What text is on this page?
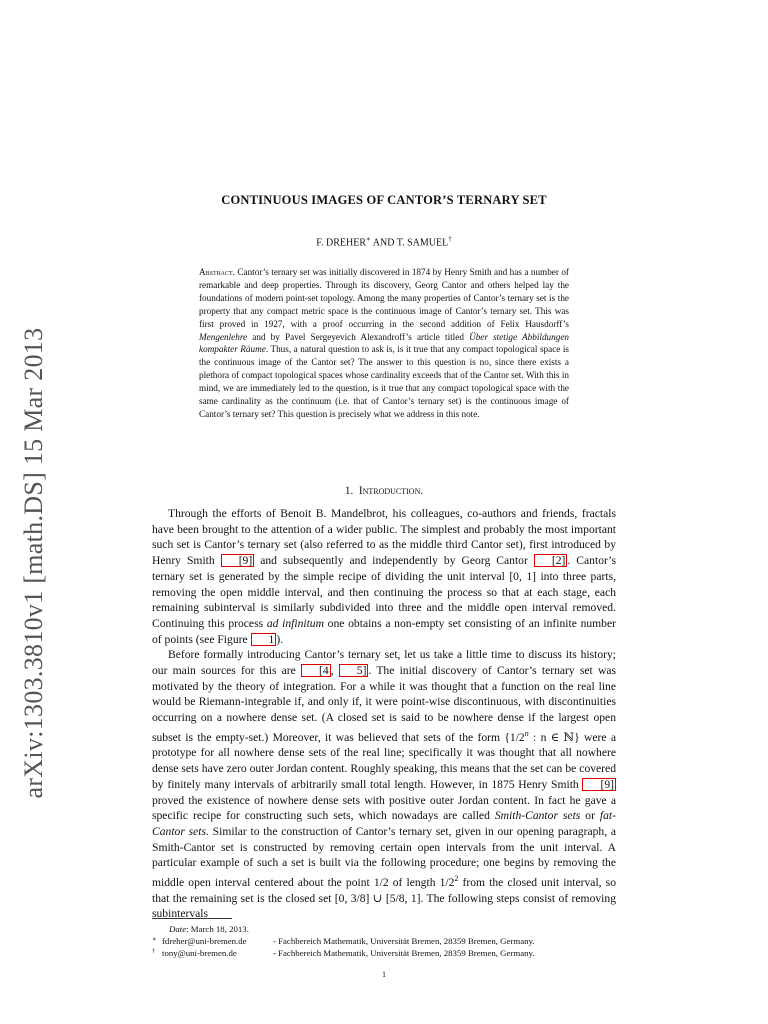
arXiv:1303.3810v1 [math.DS] 15 Mar 2013
CONTINUOUS IMAGES OF CANTOR’S TERNARY SET
F. DREHER∗ AND T. SAMUEL†

Abstract. Cantor’s ternary set was initially discovered in 1874 by Henry Smith and has a number of remarkable and deep properties. Through its discovery, Georg Cantor and others helped lay the foundations of modern point-set topology. Among the many properties of Cantor’s ternary set is the property that any compact metric space is the continuous image of Cantor’s ternary set. This was first proved in 1927, with a proof occurring in the second addition of Felix Hausdorff’s Mengenlehre and by Pavel Sergeyevich Alexandroff’s article titled Über stetige Abbildungen kompakter Räume. Thus, a natural question to ask is, is it true that any compact topological space is the continuous image of the Cantor set? The answer to this question is no, since there exists a plethora of compact topological spaces whose cardinality exceeds that of the Cantor set. With this in mind, we are immediately led to the question, is it true that any compact topological space with the same cardinality as the continuum (i.e. that of Cantor’s ternary set) is the continuous image of Cantor’s ternary set? This question is precisely what we address in this note.

1. Introduction.

Through the efforts of Benoit B. Mandelbrot, his colleagues, co-authors and friends, fractals have been brought to the attention of a wider public. The simplest and probably the most important such set is Cantor’s ternary set (also referred to as the middle third Cantor set), first introduced by Henry Smith [9] and subsequently and independently by Georg Cantor [2] . Cantor’s ternary set is generated by the simple recipe of dividing the unit interval [0, 1] into three parts, removing the open middle interval, and then continuing the process so that at each stage, each remaining subinterval is similarly subdivided into three and the middle open interval removed. Continuing this process ad infinitum one obtains a non-empty set consisting of an infinite number of points (see Figure 1 ).

Before formally introducing Cantor’s ternary set, let us take a little time to discuss its history; our main sources for this are [4 , 5] . The initial discovery of Cantor’s ternary set was motivated by the theory of integration. For a while it was thought that a function on the real line would be Riemann-integrable if, and only if, it were point-wise discontinuous, with discontinuities occurring on a nowhere dense set. (A closed set is said to be nowhere dense if the largest open subset is the empty-set.) Moreover, it was believed that sets of the form {1/2$^n$ : n ∈ ℕ} were a prototype for all nowhere dense sets of the real line; specifically it was thought that all nowhere dense sets have zero outer Jordan content. Roughly speaking, this means that the set can be covered by finitely many intervals of arbitrarily small total length. However, in 1875 Henry Smith [9] proved the existence of nowhere dense sets with positive outer Jordan content. In fact he gave a specific recipe for constructing such sets, which nowadays are called Smith-Cantor sets or fat-Cantor sets. Similar to the construction of Cantor’s ternary set, given in our opening paragraph, a Smith-Cantor set is constructed by removing certain open intervals from the unit interval. A particular example of such a set is built via the following procedure; one begins by removing the middle open interval centered about the point 1/2 of length $1/2^2$ from the closed unit interval, so that the remaining set is the closed set [0, 3/8] ∪ [5/8, 1]. The following steps consist of removing subintervals

Date: March 18, 2013.
∗ fdreher@uni-bremen.de	- Fachbereich Mathematik, Universität Bremen, 28359 Bremen, Germany.
† tony@uni-bremen.de	- Fachbereich Mathematik, Universität Bremen, 28359 Bremen, Germany.
1
